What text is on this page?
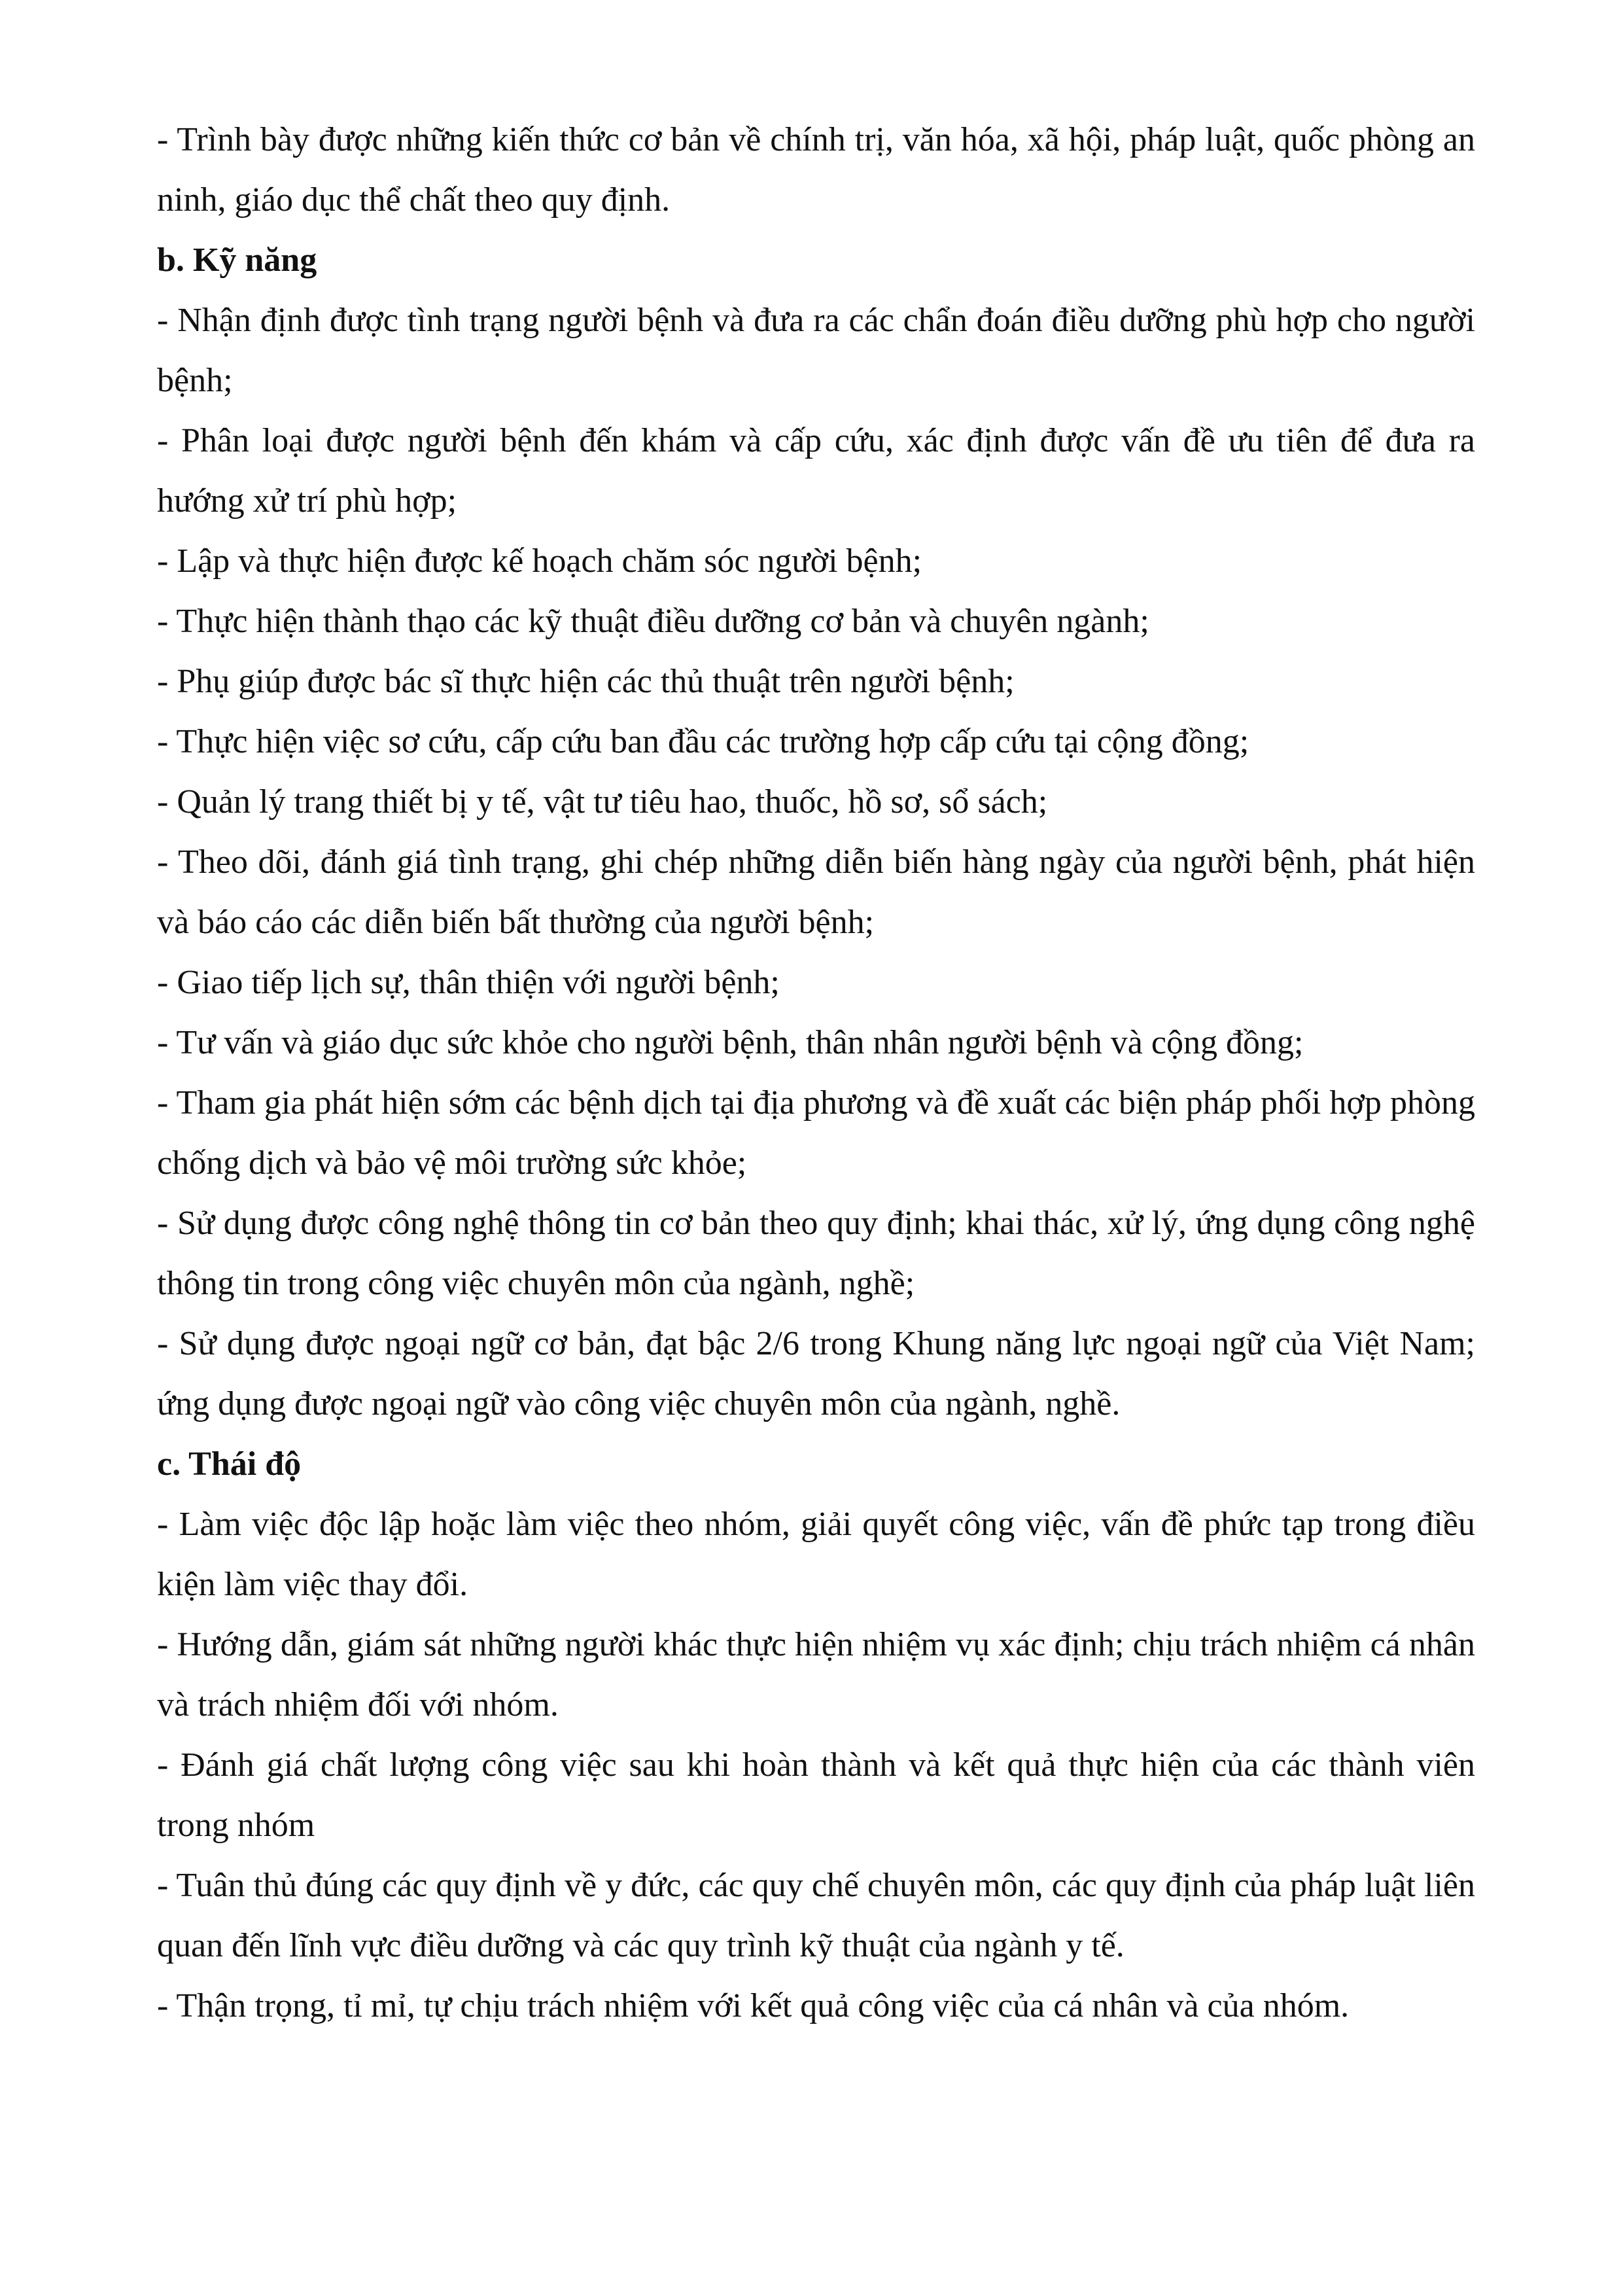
- Trình bày được những kiến thức cơ bản về chính trị, văn hóa, xã hội, pháp luật, quốc phòng an ninh, giáo dục thể chất theo quy định.

b. Kỹ năng

- Nhận định được tình trạng người bệnh và đưa ra các chẩn đoán điều dưỡng phù hợp cho người bệnh;

- Phân loại được người bệnh đến khám và cấp cứu, xác định được vấn đề ưu tiên để đưa ra hướng xử trí phù hợp;

- Lập và thực hiện được kế hoạch chăm sóc người bệnh;

- Thực hiện thành thạo các kỹ thuật điều dưỡng cơ bản và chuyên ngành;

- Phụ giúp được bác sĩ thực hiện các thủ thuật trên người bệnh;

- Thực hiện việc sơ cứu, cấp cứu ban đầu các trường hợp cấp cứu tại cộng đồng;

- Quản lý trang thiết bị y tế, vật tư tiêu hao, thuốc, hồ sơ, sổ sách;

- Theo dõi, đánh giá tình trạng, ghi chép những diễn biến hàng ngày của người bệnh, phát hiện và báo cáo các diễn biến bất thường của người bệnh;

- Giao tiếp lịch sự, thân thiện với người bệnh;

- Tư vấn và giáo dục sức khỏe cho người bệnh, thân nhân người bệnh và cộng đồng;

- Tham gia phát hiện sớm các bệnh dịch tại địa phương và đề xuất các biện pháp phối hợp phòng chống dịch và bảo vệ môi trường sức khỏe;

- Sử dụng được công nghệ thông tin cơ bản theo quy định; khai thác, xử lý, ứng dụng công nghệ thông tin trong công việc chuyên môn của ngành, nghề;

- Sử dụng được ngoại ngữ cơ bản, đạt bậc 2/6 trong Khung năng lực ngoại ngữ của Việt Nam; ứng dụng được ngoại ngữ vào công việc chuyên môn của ngành, nghề.

c. Thái độ

- Làm việc độc lập hoặc làm việc theo nhóm, giải quyết công việc, vấn đề phức tạp trong điều kiện làm việc thay đổi.

- Hướng dẫn, giám sát những người khác thực hiện nhiệm vụ xác định; chịu trách nhiệm cá nhân và trách nhiệm đối với nhóm.

- Đánh giá chất lượng công việc sau khi hoàn thành và kết quả thực hiện của các thành viên trong nhóm

- Tuân thủ đúng các quy định về y đức, các quy chế chuyên môn, các quy định của pháp luật liên quan đến lĩnh vực điều dưỡng và các quy trình kỹ thuật của ngành y tế.

- Thận trọng, tỉ mỉ, tự chịu trách nhiệm với kết quả công việc của cá nhân và của nhóm.
